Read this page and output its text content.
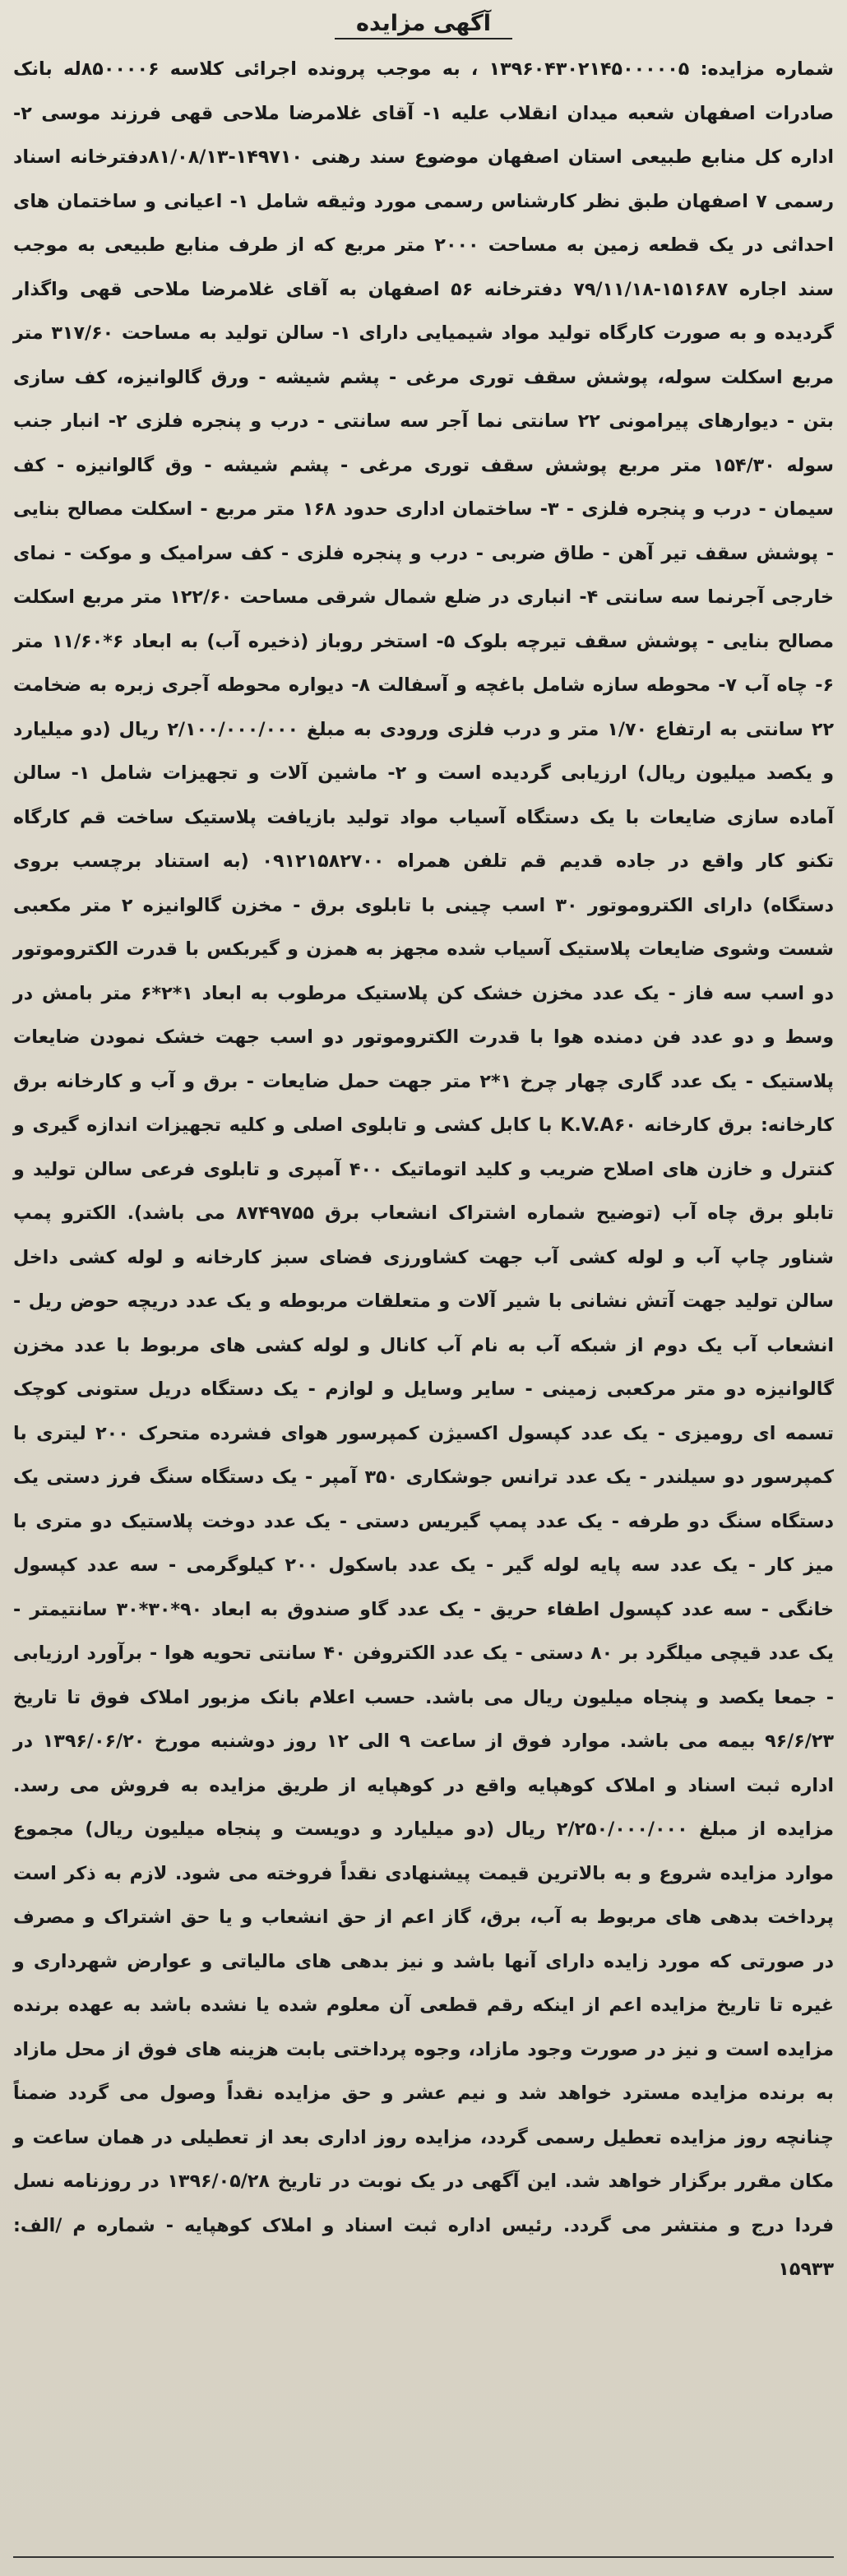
آگهی مزایده

شماره مزایده: ۱۳۹۶۰۴۳۰۲۱۴۵۰۰۰۰۰۵ ، به موجب پرونده اجرائی کلاسه ۸۵۰۰۰۰۶له بانک صادرات اصفهان شعبه میدان انقلاب علیه ۱- آقای غلامرضا ملاحی قهی فرزند موسی ۲- اداره کل منابع طبیعی استان اصفهان موضوع سند رهنی ۱۴۹۷۱۰-۸۱/۰۸/۱۳دفترخانه اسناد رسمی ۷ اصفهان طبق نظر کارشناس رسمی مورد وثیقه شامل ۱- اعیانی و ساختمان های احداثی در یک قطعه زمین به مساحت ۲۰۰۰ متر مربع که از طرف منابع طبیعی به موجب سند اجاره ۱۵۱۶۸۷-۷۹/۱۱/۱۸ دفترخانه ۵۶ اصفهان به آقای غلامرضا ملاحی قهی واگذار گردیده و به صورت کارگاه تولید مواد شیمیایی دارای ۱- سالن تولید به مساحت ۳۱۷/۶۰ متر مربع اسکلت سوله، پوشش سقف توری مرغی - پشم شیشه - ورق گالوانیزه، کف سازی بتن - دیوارهای پیرامونی ۲۲ سانتی نما آجر سه سانتی - درب و پنجره فلزی ۲- انبار جنب سوله ۱۵۴/۳۰ متر مربع پوشش سقف توری مرغی - پشم شیشه - وق گالوانیزه - کف سیمان - درب و پنجره فلزی - ۳- ساختمان اداری حدود ۱۶۸ متر مربع - اسکلت مصالح بنایی - پوشش سقف تیر آهن - طاق ضربی - درب و پنجره فلزی - کف سرامیک و موکت - نمای خارجی آجرنما سه سانتی ۴- انباری در ضلع شمال شرقی مساحت ۱۲۲/۶۰ متر مربع اسکلت مصالح بنایی - پوشش سقف تیرچه بلوک ۵- استخر روباز (ذخیره آب) به ابعاد ۶*۱۱/۶۰ متر ۶- چاه آب ۷- محوطه سازه شامل باغچه و آسفالت ۸- دیواره محوطه آجری زبره به ضخامت ۲۲ سانتی به ارتفاع ۱/۷۰ متر و درب فلزی ورودی به مبلغ ۲/۱۰۰/۰۰۰/۰۰۰ ریال (دو میلیارد و یکصد میلیون ریال) ارزیابی گردیده است و ۲- ماشین آلات و تجهیزات شامل ۱- سالن آماده سازی ضایعات با یک دستگاه آسیاب مواد تولید بازیافت پلاستیک ساخت قم کارگاه تکنو کار واقع در جاده قدیم قم تلفن همراه ۰۹۱۲۱۵۸۲۷۰۰ (به استناد برچسب بروی دستگاه) دارای الکتروموتور ۳۰ اسب چینی با تابلوی برق - مخزن گالوانیزه ۲ متر مکعبی شست وشوی ضایعات پلاستیک آسیاب شده مجهز به همزن و گیربکس با قدرت الکتروموتور دو اسب سه فاز - یک عدد مخزن خشک کن پلاستیک مرطوب به ابعاد ۱*۲*۶ متر بامش در وسط و دو عدد فن دمنده هوا با قدرت الکتروموتور دو اسب جهت خشک نمودن ضایعات پلاستیک - یک عدد گاری چهار چرخ ۱*۲ متر جهت حمل ضایعات - برق و آب و کارخانه برق کارخانه: برق کارخانه K.V.A۶۰ با کابل کشی و تابلوی اصلی و کلیه تجهیزات اندازه گیری و کنترل و خازن های اصلاح ضریب و کلید اتوماتیک ۴۰۰ آمپری و تابلوی فرعی سالن تولید و تابلو برق چاه آب (توضیح شماره اشتراک انشعاب برق ۸۷۴۹۷۵۵ می باشد). الکترو پمپ شناور چاپ آب و لوله کشی آب جهت کشاورزی فضای سبز کارخانه و لوله کشی داخل سالن تولید جهت آتش نشانی با شیر آلات و متعلقات مربوطه و یک عدد دریچه حوض ریل - انشعاب آب یک دوم از شبکه آب به نام آب کانال و لوله کشی های مربوط با عدد مخزن گالوانیزه دو متر مرکعبی زمینی - سایر وسایل و لوازم - یک دستگاه دریل ستونی کوچک تسمه ای رومیزی - یک عدد کپسول اکسیژن کمپرسور هوای فشرده متحرک ۲۰۰ لیتری با کمپرسور دو سیلندر - یک عدد ترانس جوشکاری ۳۵۰ آمپر - یک دستگاه سنگ فرز دستی یک دستگاه سنگ دو طرفه - یک عدد پمپ گیریس دستی - یک عدد دوخت پلاستیک دو متری با میز کار - یک عدد سه پایه لوله گیر - یک عدد باسکول ۲۰۰ کیلوگرمی - سه عدد کپسول خانگی - سه عدد کپسول اطفاء حریق - یک عدد گاو صندوق به ابعاد ۹۰*۳۰*۳۰ سانتیمتر - یک عدد قیچی میلگرد بر ۸۰ دستی - یک عدد الکتروفن ۴۰ سانتی تحویه هوا - برآورد ارزیابی - جمعا یکصد و پنجاه میلیون ریال می باشد. حسب اعلام بانک مزبور املاک فوق تا تاریخ ۹۶/۶/۲۳ بیمه می باشد. موارد فوق از ساعت ۹ الی ۱۲ روز دوشنبه مورخ ۱۳۹۶/۰۶/۲۰ در اداره ثبت اسناد و املاک کوهپایه واقع در کوهپایه از طریق مزایده به فروش می رسد. مزایده از مبلغ ۲/۲۵۰/۰۰۰/۰۰۰ ریال (دو میلیارد و دویست و پنجاه میلیون ریال) مجموع موارد مزایده شروع و به بالاترین قیمت پیشنهادی نقداً فروخته می شود. لازم به ذکر است پرداخت بدهی های مربوط به آب، برق، گاز اعم از حق انشعاب و یا حق اشتراک و مصرف در صورتی که مورد زایده دارای آنها باشد و نیز بدهی های مالیاتی و عوارض شهرداری و غیره تا تاریخ مزایده اعم از اینکه رقم قطعی آن معلوم شده یا نشده باشد به عهده برنده مزایده است و نیز در صورت وجود مازاد، وجوه پرداختی بابت هزینه های فوق از محل مازاد به برنده مزایده مسترد خواهد شد و نیم عشر و حق مزایده نقداً وصول می گردد ضمناً چنانچه روز مزایده تعطیل رسمی گردد، مزایده روز اداری بعد از تعطیلی در همان ساعت و مکان مقرر برگزار خواهد شد. این آگهی در یک نوبت در تاریخ ۱۳۹۶/۰۵/۲۸ در روزنامه نسل فردا درج و منتشر می گردد. رئیس اداره ثبت اسناد و املاک کوهپایه - شماره م /الف: ۱۵۹۳۳
